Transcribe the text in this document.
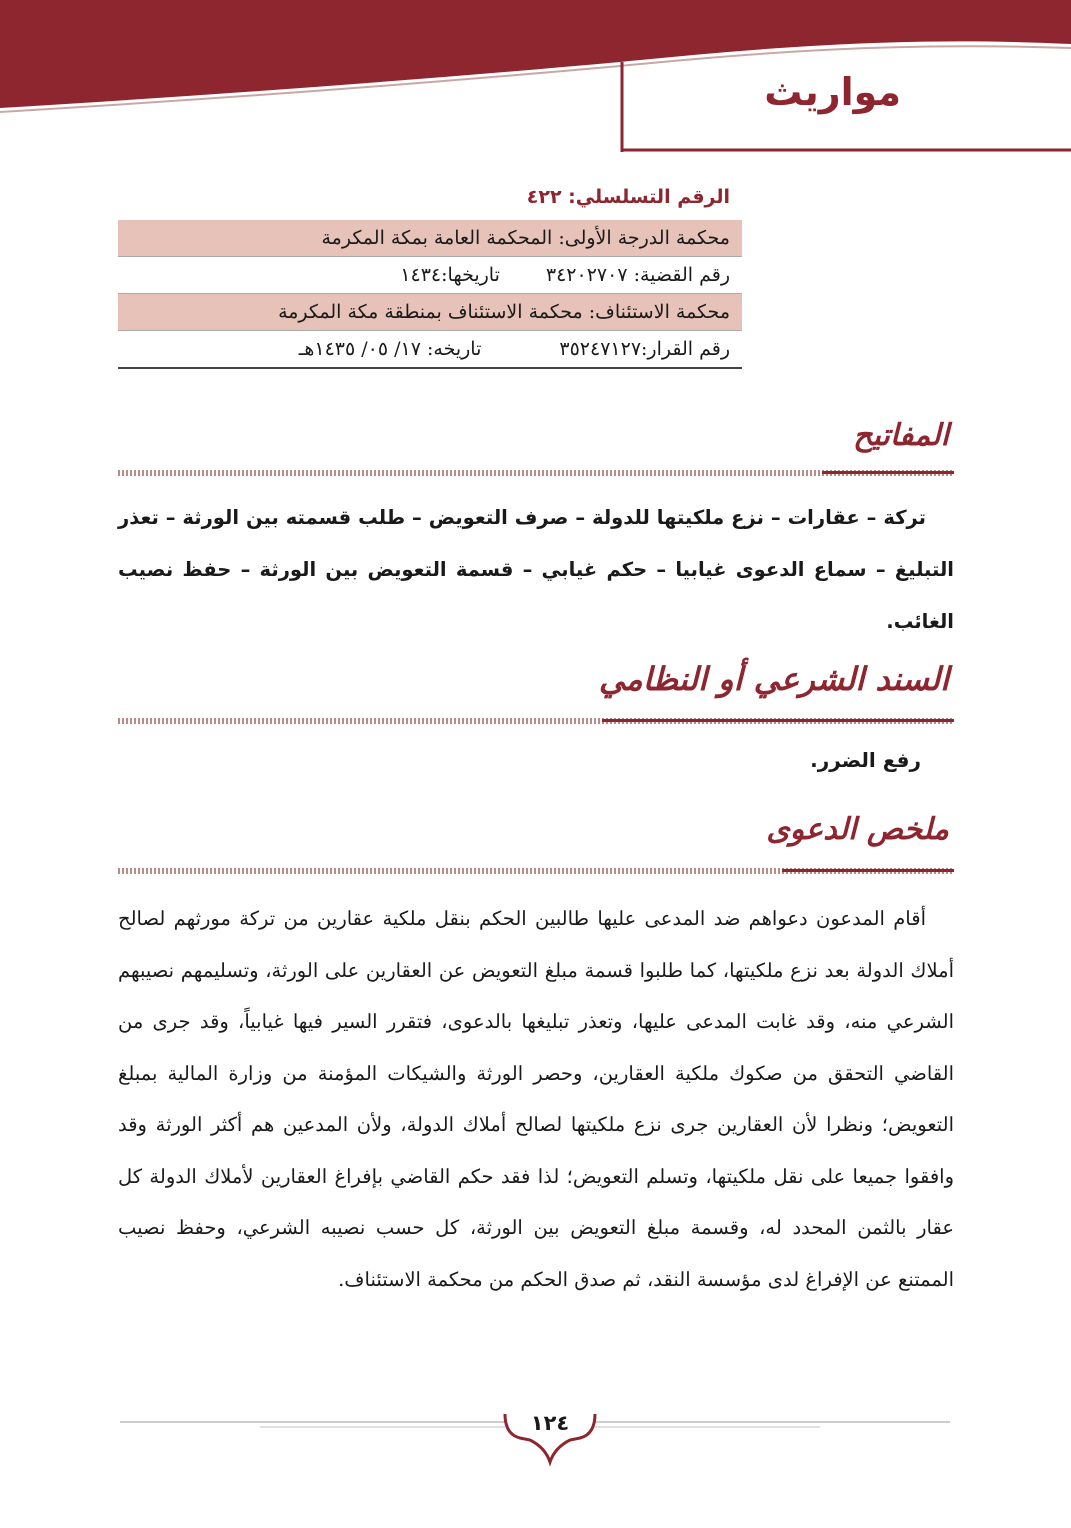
مواريث
الرقم التسلسلي: ٤٢٢
محكمة الدرجة الأولى: المحكمة العامة بمكة المكرمة
رقم القضية: ٣٤٢٠٢٧٠٧
تاريخها:١٤٣٤
محكمة الاستئناف: محكمة الاستئناف بمنطقة مكة المكرمة
رقم القرار:٣٥٢٤٧١٢٧
تاريخه: ١٧/ ٠٥/ ١٤٣٥هـ
المفاتيح
تركة – عقارات – نزع ملكيتها للدولة – صرف التعويض – طلب قسمته بين الورثة – تعذر التبليغ – سماع الدعوى غيابيا – حكم غيابي – قسمة التعويض بين الورثة – حفظ نصيب الغائب.
السند الشرعي أو النظامي
رفع الضرر.
ملخص الدعوى
أقام المدعون دعواهم ضد المدعى عليها طالبين الحكم بنقل ملكية عقارين من تركة مورثهم لصالح أملاك الدولة بعد نزع ملكيتها، كما طلبوا قسمة مبلغ التعويض عن العقارين على الورثة، وتسليمهم نصيبهم الشرعي منه، وقد غابت المدعى عليها، وتعذر تبليغها بالدعوى، فتقرر السير فيها غيابياً، وقد جرى من القاضي التحقق من صكوك ملكية العقارين، وحصر الورثة والشيكات المؤمنة من وزارة المالية بمبلغ التعويض؛ ونظرا لأن العقارين جرى نزع ملكيتها لصالح أملاك الدولة، ولأن المدعين هم أكثر الورثة وقد وافقوا جميعا على نقل ملكيتها، وتسلم التعويض؛ لذا فقد حكم القاضي بإفراغ العقارين لأملاك الدولة كل عقار بالثمن المحدد له، وقسمة مبلغ التعويض بين الورثة، كل حسب نصيبه الشرعي، وحفظ نصيب الممتنع عن الإفراغ لدى مؤسسة النقد، ثم صدق الحكم من محكمة الاستئناف.
١٢٤
